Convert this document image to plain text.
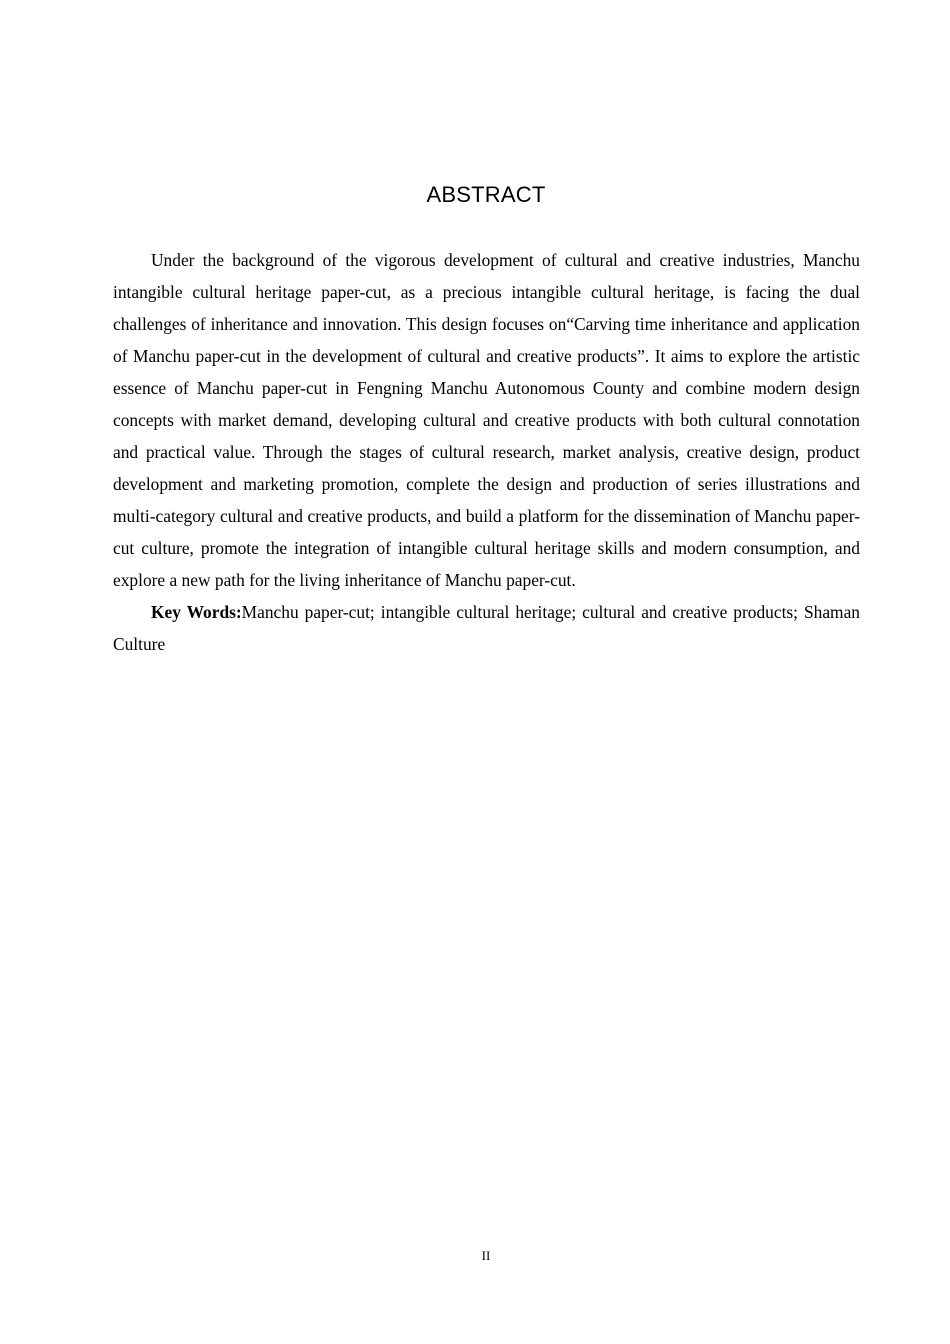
ABSTRACT

Under the background of the vigorous development of cultural and creative industries, Manchu intangible cultural heritage paper-cut, as a precious intangible cultural heritage, is facing the dual challenges of inheritance and innovation. This design focuses on“Carving time inheritance and application of Manchu paper-cut in the development of cultural and creative products”. It aims to explore the artistic essence of Manchu paper-cut in Fengning Manchu Autonomous County and combine modern design concepts with market demand, developing cultural and creative products with both cultural connotation and practical value. Through the stages of cultural research, market analysis, creative design, product development and marketing promotion, complete the design and production of series illustrations and multi-category cultural and creative products, and build a platform for the dissemination of Manchu paper-cut culture, promote the integration of intangible cultural heritage skills and modern consumption, and explore a new path for the living inheritance of Manchu paper-cut.

Key Words:Manchu paper-cut; intangible cultural heritage; cultural and creative products; Shaman Culture

II
